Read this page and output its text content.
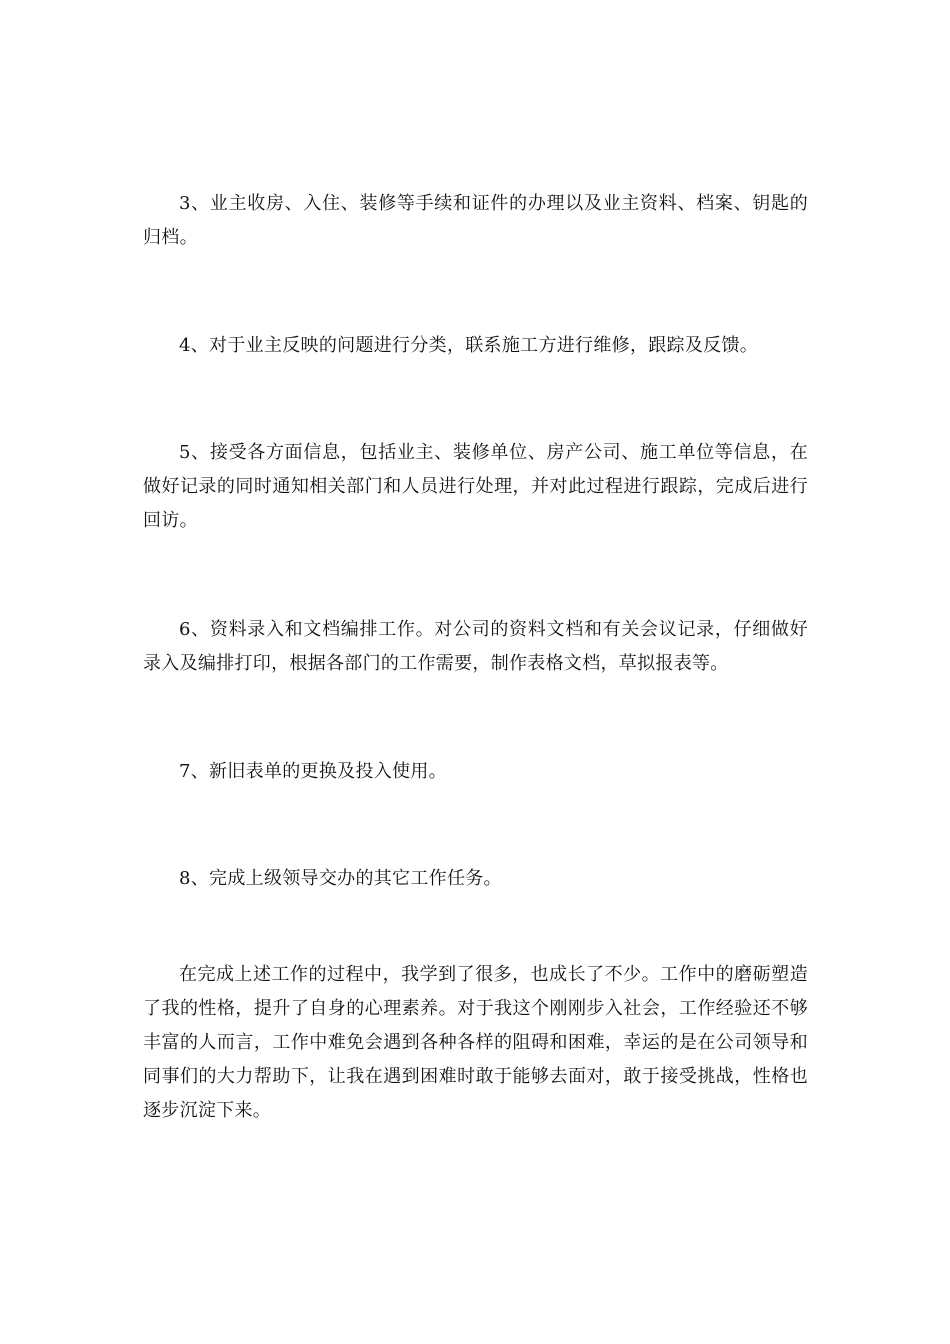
3、业主收房、入住、装修等手续和证件的办理以及业主资料、档案、钥匙的归档。

4、对于业主反映的问题进行分类，联系施工方进行维修，跟踪及反馈。

5、接受各方面信息，包括业主、装修单位、房产公司、施工单位等信息，在做好记录的同时通知相关部门和人员进行处理，并对此过程进行跟踪，完成后进行回访。

6、资料录入和文档编排工作。对公司的资料文档和有关会议记录，仔细做好录入及编排打印，根据各部门的工作需要，制作表格文档，草拟报表等。

7、新旧表单的更换及投入使用。

8、完成上级领导交办的其它工作任务。

在完成上述工作的过程中，我学到了很多，也成长了不少。工作中的磨砺塑造了我的性格，提升了自身的心理素养。对于我这个刚刚步入社会，工作经验还不够丰富的人而言，工作中难免会遇到各种各样的阻碍和困难，幸运的是在公司领导和同事们的大力帮助下，让我在遇到困难时敢于能够去面对，敢于接受挑战，性格也逐步沉淀下来。
